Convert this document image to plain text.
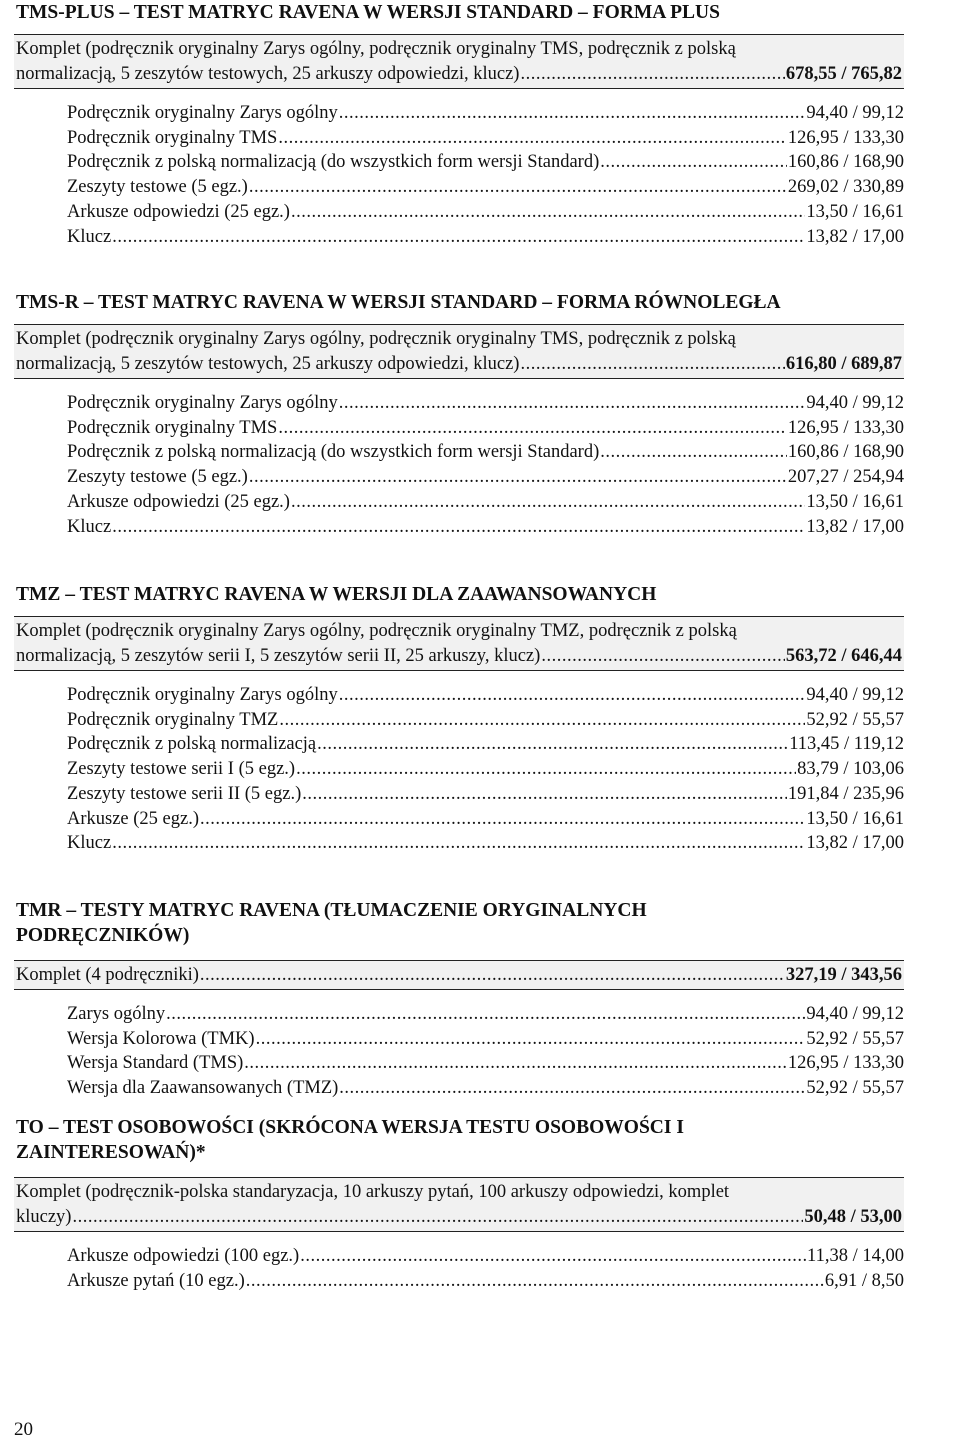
TMS-PLUS – TEST MATRYC RAVENA W WERSJI STANDARD – FORMA PLUS
Komplet (podręcznik oryginalny Zarys ogólny, podręcznik oryginalny TMS, podręcznik z polską
normalizacją, 5 zeszytów testowych, 25 arkuszy odpowiedzi, klucz) .....	678,55 / 765,82
Podręcznik oryginalny Zarys ogólny .....	94,40 / 99,12
Podręcznik oryginalny TMS .....	126,95 / 133,30
Podręcznik z polską normalizacją (do wszystkich form wersji Standard) .....	160,86 / 168,90
Zeszyty testowe (5 egz.) .....	269,02 / 330,89
Arkusze odpowiedzi (25 egz.) .....	13,50 / 16,61
Klucz .....	13,82 / 17,00
TMS-R – TEST MATRYC RAVENA W WERSJI STANDARD – FORMA RÓWNOLEGŁA
Komplet (podręcznik oryginalny Zarys ogólny, podręcznik oryginalny TMS, podręcznik z polską
normalizacją, 5 zeszytów testowych, 25 arkuszy odpowiedzi, klucz) .....	616,80 / 689,87
Podręcznik oryginalny Zarys ogólny .....	94,40 / 99,12
Podręcznik oryginalny TMS .....	126,95 / 133,30
Podręcznik z polską normalizacją (do wszystkich form wersji Standard) .....	160,86 / 168,90
Zeszyty testowe (5 egz.) .....	207,27 / 254,94
Arkusze odpowiedzi (25 egz.) .....	13,50 / 16,61
Klucz .....	13,82 / 17,00
TMZ – TEST MATRYC RAVENA W WERSJI DLA ZAAWANSOWANYCH
Komplet (podręcznik oryginalny Zarys ogólny, podręcznik oryginalny TMZ, podręcznik z polską
normalizacją, 5 zeszytów serii I, 5 zeszytów serii II, 25 arkuszy, klucz) .....	563,72 / 646,44
Podręcznik oryginalny Zarys ogólny .....	94,40 / 99,12
Podręcznik oryginalny TMZ .....	52,92 / 55,57
Podręcznik z polską normalizacją .....	113,45 / 119,12
Zeszyty testowe serii I (5 egz.) .....	83,79 / 103,06
Zeszyty testowe serii II (5 egz.) .....	191,84 / 235,96
Arkusze (25 egz.) .....	13,50 / 16,61
Klucz .....	13,82 / 17,00
TMR – TESTY MATRYC RAVENA (TŁUMACZENIE ORYGINALNYCH
PODRĘCZNIKÓW)
Komplet (4 podręczniki) .....	327,19 / 343,56
Zarys ogólny .....	94,40 / 99,12
Wersja Kolorowa (TMK) .....	52,92 / 55,57
Wersja Standard (TMS) .....	126,95 / 133,30
Wersja dla Zaawansowanych (TMZ) .....	52,92 / 55,57
TO – TEST OSOBOWOŚCI (SKRÓCONA WERSJA TESTU OSOBOWOŚCI I
ZAINTERESOWAŃ)*
Komplet (podręcznik-polska standaryzacja, 10 arkuszy pytań, 100 arkuszy odpowiedzi, komplet
kluczy) .....	50,48 / 53,00
Arkusze odpowiedzi (100 egz.) .....	11,38 / 14,00
Arkusze pytań (10 egz.) .....	6,91 / 8,50
20
